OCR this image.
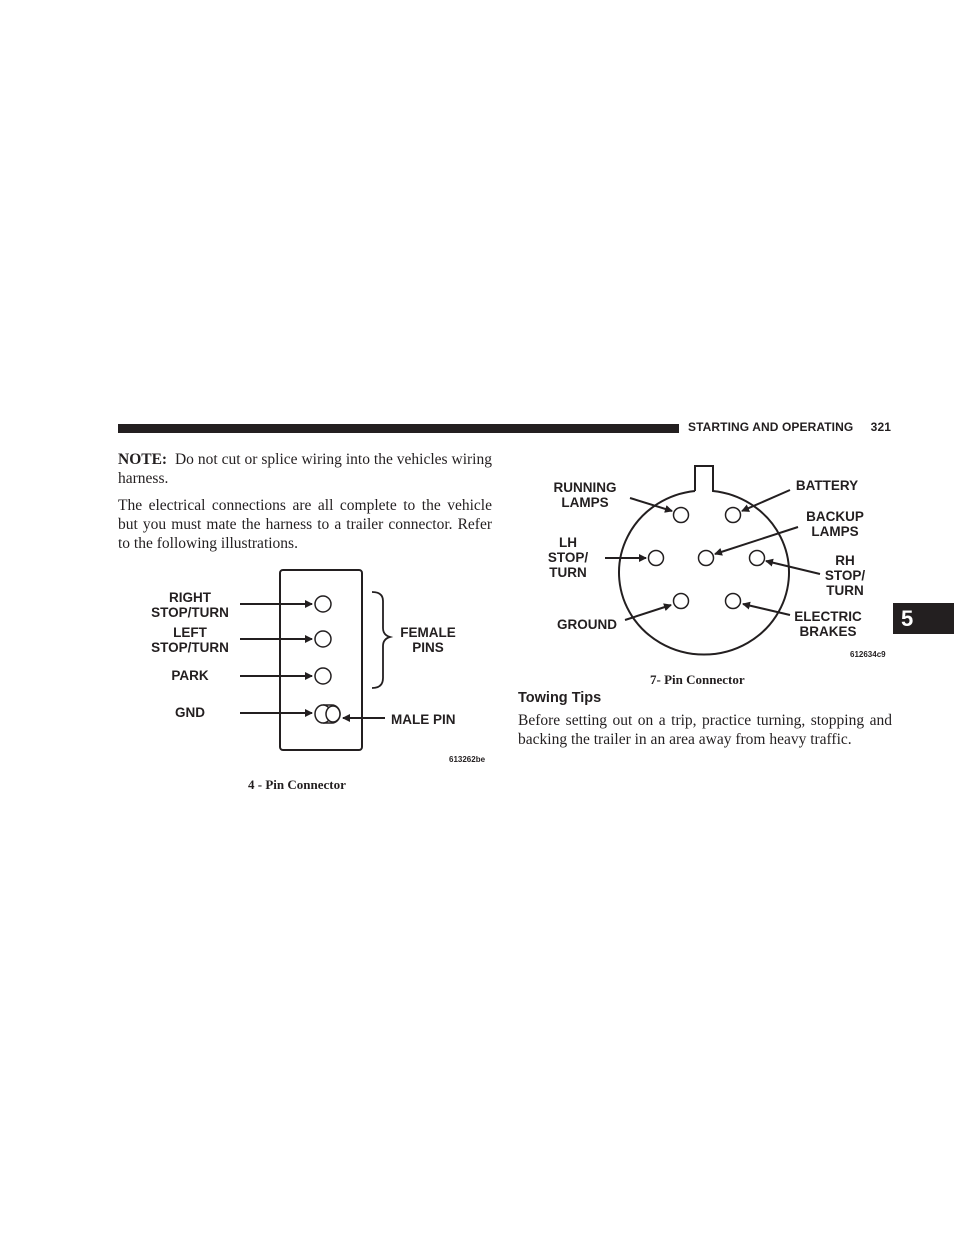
STARTING AND OPERATING 321
5

NOTE: Do not cut or splice wiring into the vehicles wiring harness.

The electrical connections are all complete to the vehicle but you must mate the harness to a trailer connector. Refer to the following illustrations.

RIGHT
STOP/TURN
LEFT
STOP/TURN
PARK
GND
FEMALE
PINS
MALE PIN
613262be
4 - Pin Connector
RUNNING
LAMPS
BATTERY
BACKUP
LAMPS
LH
STOP/
TURN
RH
STOP/
TURN
GROUND
ELECTRIC
BRAKES
612634c9
7- Pin Connector
Towing Tips

Before setting out on a trip, practice turning, stopping and backing the trailer in an area away from heavy traffic.
